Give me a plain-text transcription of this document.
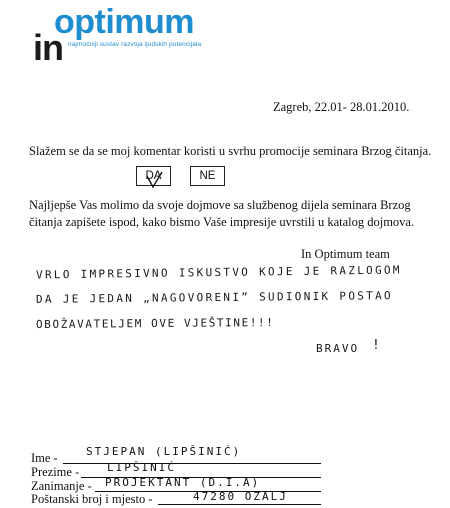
optimum
in najmoćniji sustav razvoja ljudskih potencijala
Zagreb, 22.01- 28.01.2010.
Slažem se da se moj komentar koristi u svrhu promocije seminara Brzog čitanja.
DA	NE
Najljepše Vas molimo da svoje dojmove sa službenog dijela seminara Brzog čitanja zapišete ispod, kako bismo Vaše impresije uvrstili u katalog dojmova.
In Optimum team
VRLO IMPRESIVNO ISKUSTVO KOJE JE RAZLOGOM
DA JE JEDAN „NAGOVORENI” SUDIONIK POSTAO
OBOŽAVATELJEM OVE VJEŠTINE!!!
BRAVO !
Ime -	STJEPAN (LIPŠINIĆ)
Prezime -	LIPŠINIĆ
Zanimanje - PROJEKTANT (D.I.A)
Poštanski broj i mjesto -	47280 OZALJ
